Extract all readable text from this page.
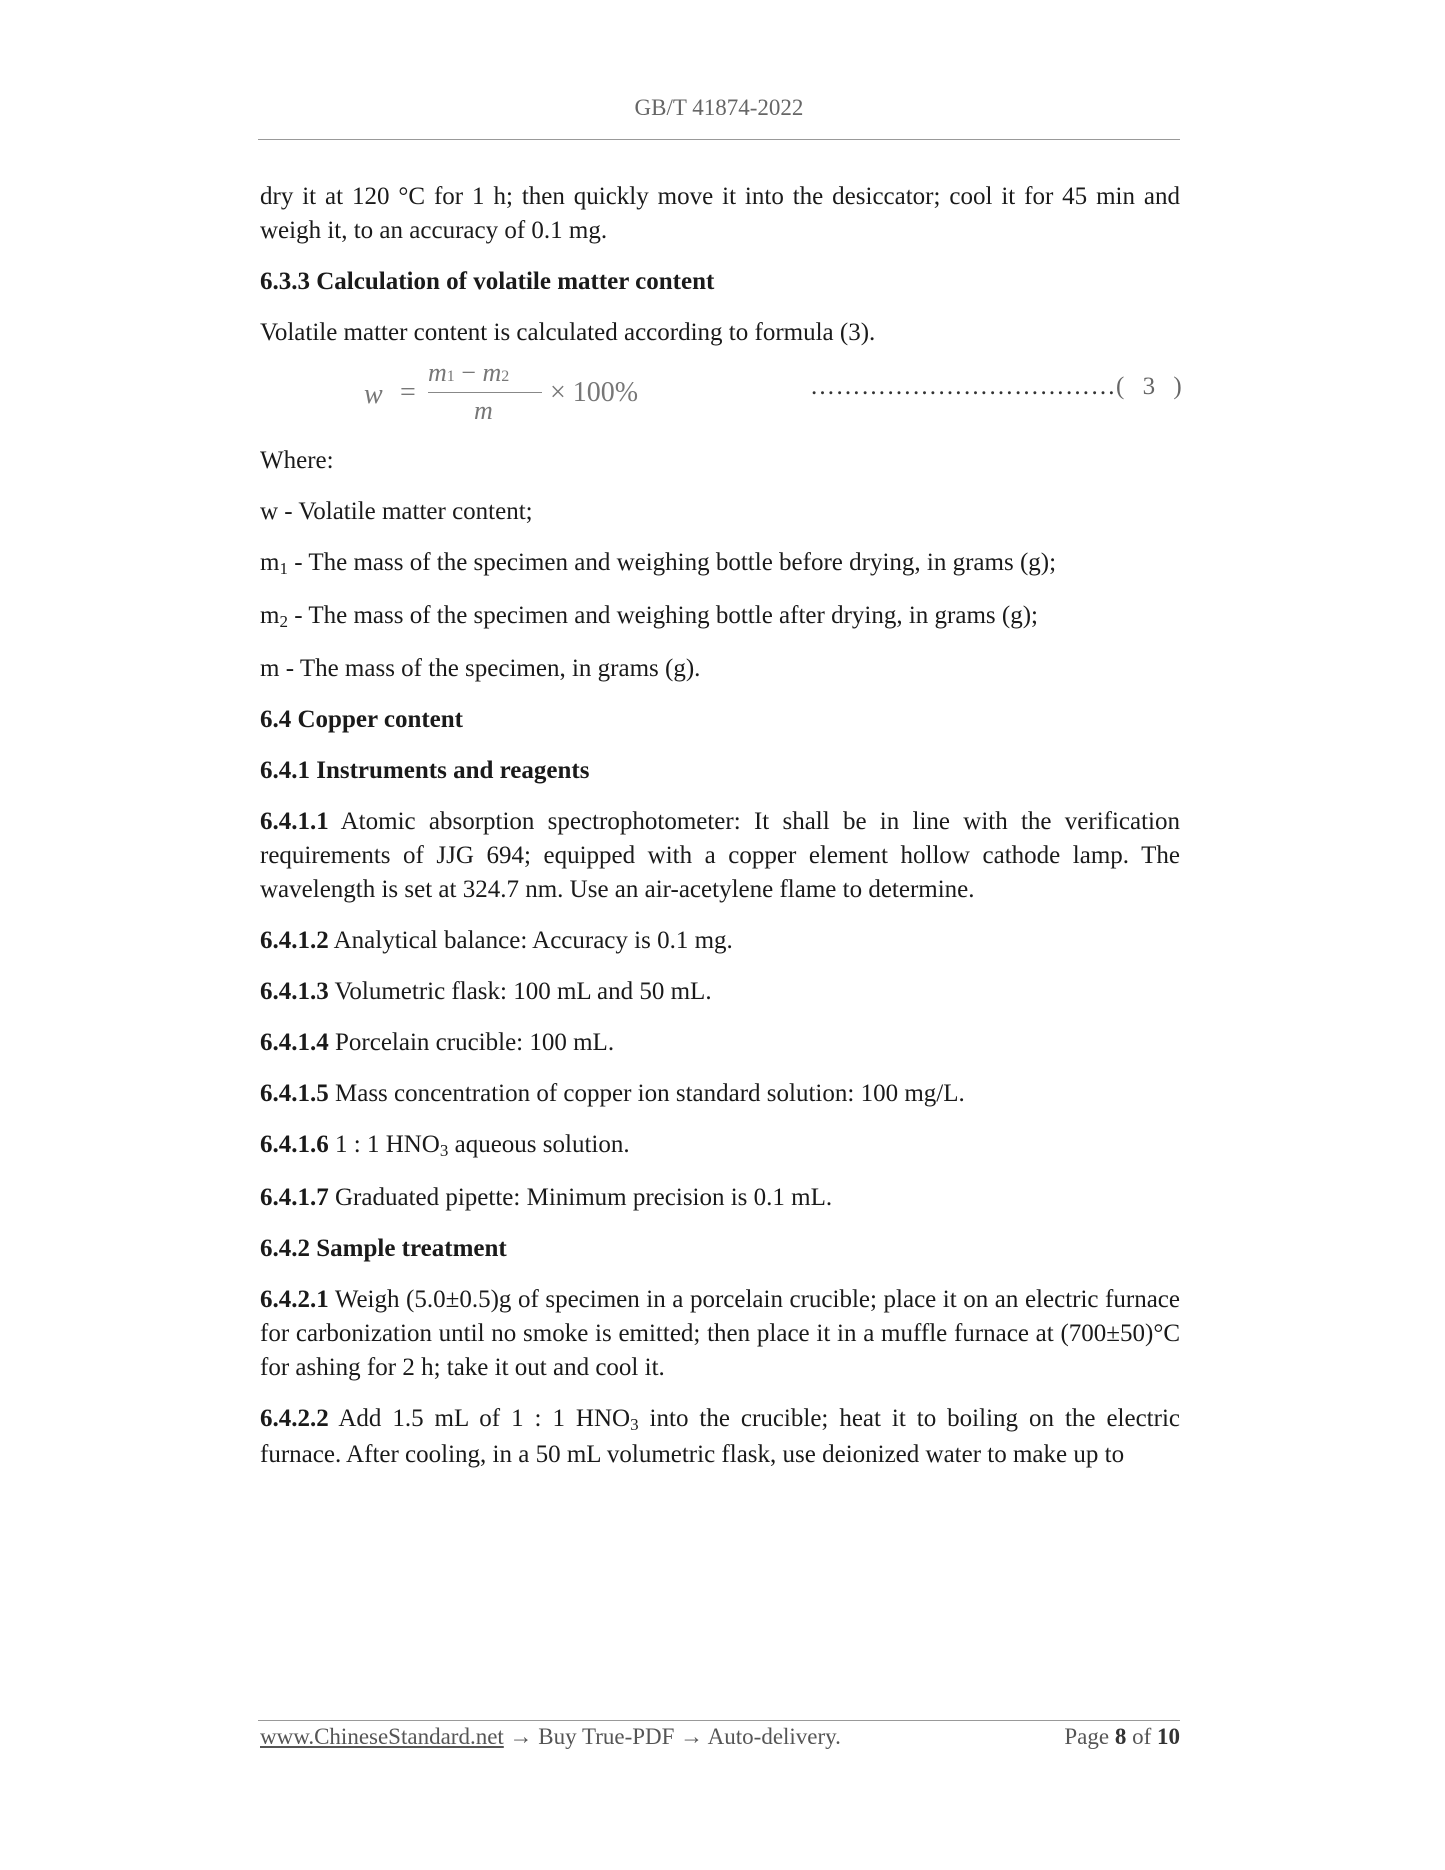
GB/T 41874-2022

dry it at 120 °C for 1 h; then quickly move it into the desiccator; cool it for 45 min and weigh it, to an accuracy of 0.1 mg.

6.3.3 Calculation of volatile matter content

Volatile matter content is calculated according to formula (3).

w =
m1 − m2
m
× 100%	………………………………( 3 )

Where:

w - Volatile matter content;

m1 - The mass of the specimen and weighing bottle before drying, in grams (g);

m2 - The mass of the specimen and weighing bottle after drying, in grams (g);

m - The mass of the specimen, in grams (g).

6.4 Copper content

6.4.1 Instruments and reagents

6.4.1.1 Atomic absorption spectrophotometer: It shall be in line with the verification requirements of JJG 694; equipped with a copper element hollow cathode lamp. The wavelength is set at 324.7 nm. Use an air-acetylene flame to determine.

6.4.1.2 Analytical balance: Accuracy is 0.1 mg.

6.4.1.3 Volumetric flask: 100 mL and 50 mL.

6.4.1.4 Porcelain crucible: 100 mL.

6.4.1.5 Mass concentration of copper ion standard solution: 100 mg/L.

6.4.1.6 1 : 1 HNO3 aqueous solution.

6.4.1.7 Graduated pipette: Minimum precision is 0.1 mL.

6.4.2 Sample treatment

6.4.2.1 Weigh (5.0±0.5)g of specimen in a porcelain crucible; place it on an electric furnace for carbonization until no smoke is emitted; then place it in a muffle furnace at (700±50)°C for ashing for 2 h; take it out and cool it.

6.4.2.2 Add 1.5 mL of 1 : 1 HNO3 into the crucible; heat it to boiling on the electric furnace. After cooling, in a 50 mL volumetric flask, use deionized water to make up to

www.ChineseStandard.net → Buy True-PDF → Auto-delivery.	Page 8 of 10
